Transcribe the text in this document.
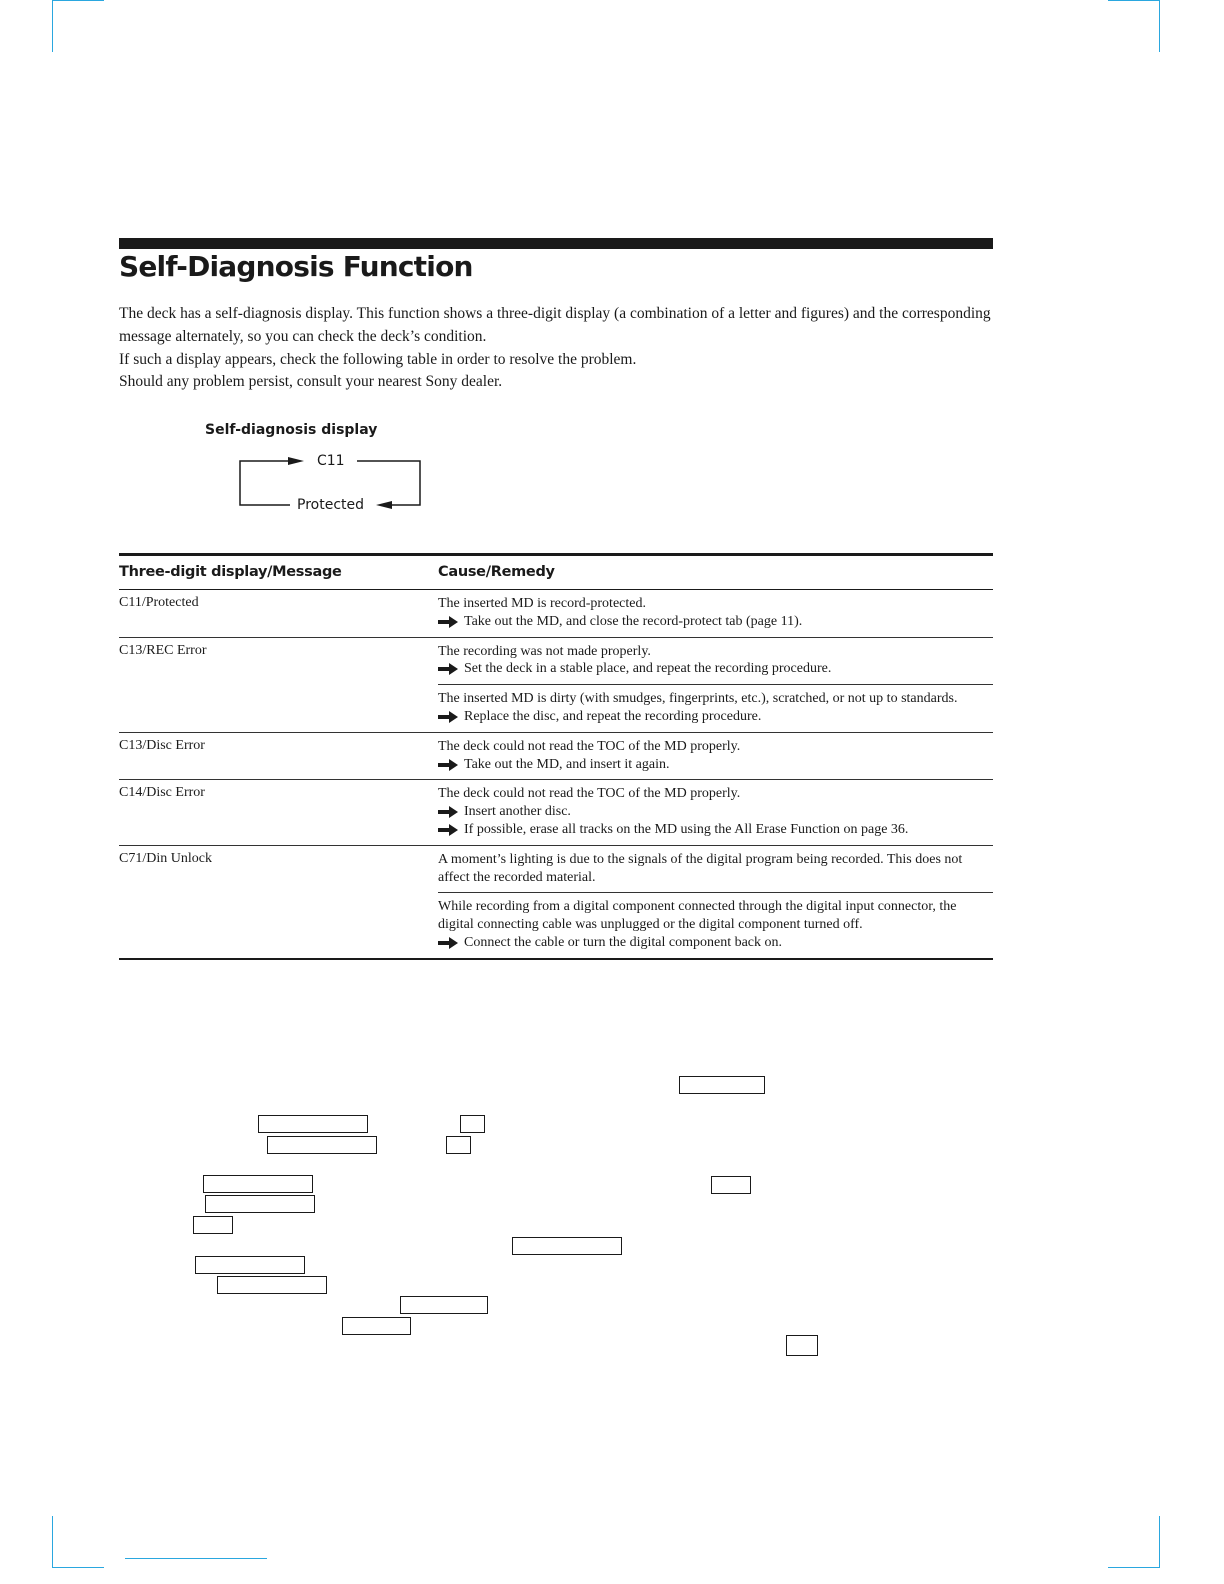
Self-Diagnosis Function

The deck has a self-diagnosis display. This function shows a three-digit display (a combination of a letter and figures) and the corresponding message alternately, so you can check the deck’s condition.

If such a display appears, check the following table in order to resolve the problem.

Should any problem persist, consult your nearest Sony dealer.

Self-diagnosis display
C11
Protected
Three-digit display/Message	Cause/Remedy
C11/Protected	The inserted MD is record-protected.

Take out the MD, and close the record-protect tab (page 11).

C13/REC Error	The recording was not made properly.

Set the deck in a stable place, and repeat the recording procedure.

The inserted MD is dirty (with smudges, fingerprints, etc.), scratched, or not up to standards.

Replace the disc, and repeat the recording procedure.

C13/Disc Error	The deck could not read the TOC of the MD properly.

Take out the MD, and insert it again.

C14/Disc Error	The deck could not read the TOC of the MD properly.

Insert another disc.

If possible, erase all tracks on the MD using the All Erase Function on page 36.

C71/Din Unlock	A moment’s lighting is due to the signals of the digital program being recorded. This does not affect the recorded material.

While recording from a digital component connected through the digital input connector, the digital connecting cable was unplugged or the digital component turned off.

Connect the cable or turn the digital component back on.
